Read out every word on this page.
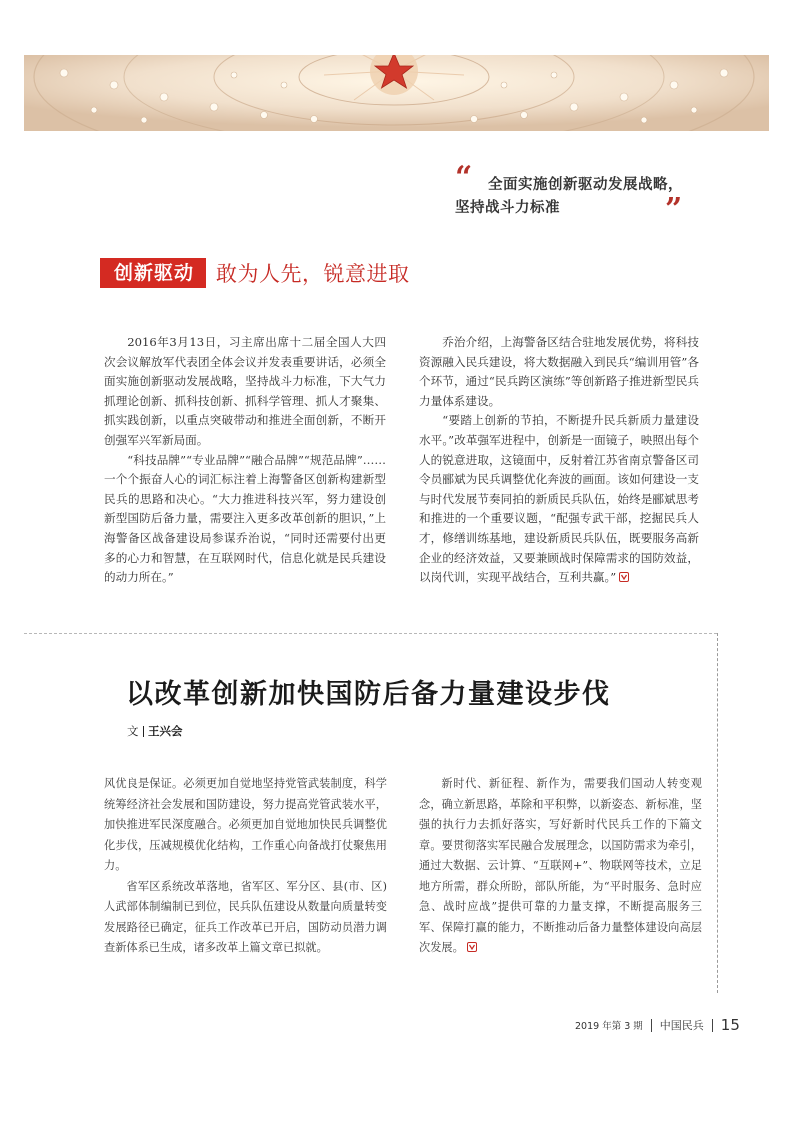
“ 全面实施创新驱动发展战略，
坚持战斗力标准	”
创新驱动	敢为人先，锐意进取

2016年3月13日，习主席出席十二届全国人大四次会议解放军代表团全体会议并发表重要讲话，必须全面实施创新驱动发展战略，坚持战斗力标准，下大气力抓理论创新、抓科技创新、抓科学管理、抓人才聚集、抓实践创新，以重点突破带动和推进全面创新，不断开创强军兴军新局面。

“科技品牌”“专业品牌”“融合品牌”“规范品牌”……一个个振奋人心的词汇标注着上海警备区创新构建新型民兵的思路和决心。“大力推进科技兴军，努力建设创新型国防后备力量，需要注入更多改革创新的胆识，”上海警备区战备建设局参谋乔治说，“同时还需要付出更多的心力和智慧，在互联网时代，信息化就是民兵建设的动力所在。”

乔治介绍，上海警备区结合驻地发展优势，将科技资源融入民兵建设，将大数据融入到民兵“编训用管”各个环节，通过“民兵跨区演练”等创新路子推进新型民兵力量体系建设。

“要踏上创新的节拍，不断提升民兵新质力量建设水平。”改革强军进程中，创新是一面镜子，映照出每个人的锐意进取，这镜面中，反射着江苏省南京警备区司令员郦斌为民兵调整优化奔波的画面。该如何建设一支与时代发展节奏同拍的新质民兵队伍，始终是郦斌思考和推进的一个重要议题，“配强专武干部，挖掘民兵人才，修缮训练基地，建设新质民兵队伍，既要服务高新企业的经济效益，又要兼顾战时保障需求的国防效益，以岗代训，实现平战结合，互利共赢。”

以改革创新加快国防后备力量建设步伐
文 王兴会

风优良是保证。必须更加自觉地坚持党管武装制度，科学统筹经济社会发展和国防建设，努力提高党管武装水平，加快推进军民深度融合。必须更加自觉地加快民兵调整优化步伐，压减规模优化结构，工作重心向备战打仗聚焦用力。

省军区系统改革落地，省军区、军分区、县(市、区)人武部体制编制已到位，民兵队伍建设从数量向质量转变发展路径已确定，征兵工作改革已开启，国防动员潜力调查新体系已生成，诸多改革上篇文章已拟就。

新时代、新征程、新作为，需要我们国动人转变观念，确立新思路，革除和平积弊，以新姿态、新标准，坚强的执行力去抓好落实，写好新时代民兵工作的下篇文章。要贯彻落实军民融合发展理念，以国防需求为牵引，通过大数据、云计算、“互联网+”、物联网等技术，立足地方所需，群众所盼，部队所能，为“平时服务、急时应急、战时应战”提供可靠的力量支撑，不断提高服务三军、保障打赢的能力，不断推动后备力量整体建设向高层次发展。

2019 年第 3 期 中国民兵 15
